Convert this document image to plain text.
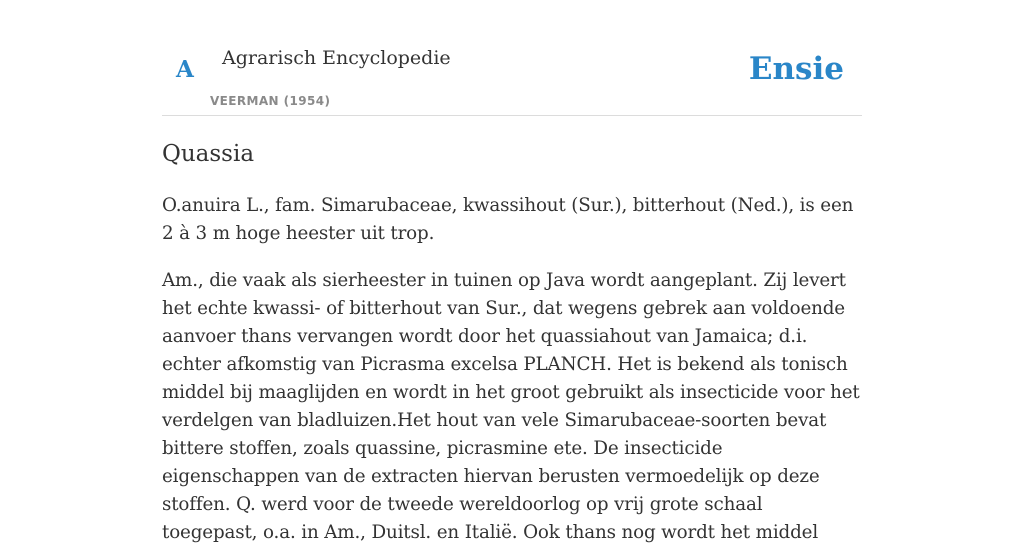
A Agrarisch Encyclopedie
VEERMAN (1954)
Ensie
Quassia

O.anuira L., fam. Simarubaceae, kwassihout (Sur.), bitterhout (Ned.), is een 2 à 3 m hoge heester uit trop.

Am., die vaak als sierheester in tuinen op Java wordt aangeplant. Zij levert het echte kwassi- of bitterhout van Sur., dat wegens gebrek aan voldoende aanvoer thans vervangen wordt door het quassiahout van Jamaica; d.i. echter afkomstig van Picrasma excelsa PLANCH. Het is bekend als tonisch middel bij maaglijden en wordt in het groot gebruikt als insecticide voor het verdelgen van bladluizen.Het hout van vele Simarubaceae-soorten bevat bittere stoffen, zoals quassine, picrasmine ete. De insecticide eigenschappen van de extracten hiervan berusten vermoedelijk op deze stoffen. Q. werd voor de tweede wereldoorlog op vrij grote schaal toegepast, o.a. in Am., Duitsl. en Italië. Ook thans nog wordt het middel
